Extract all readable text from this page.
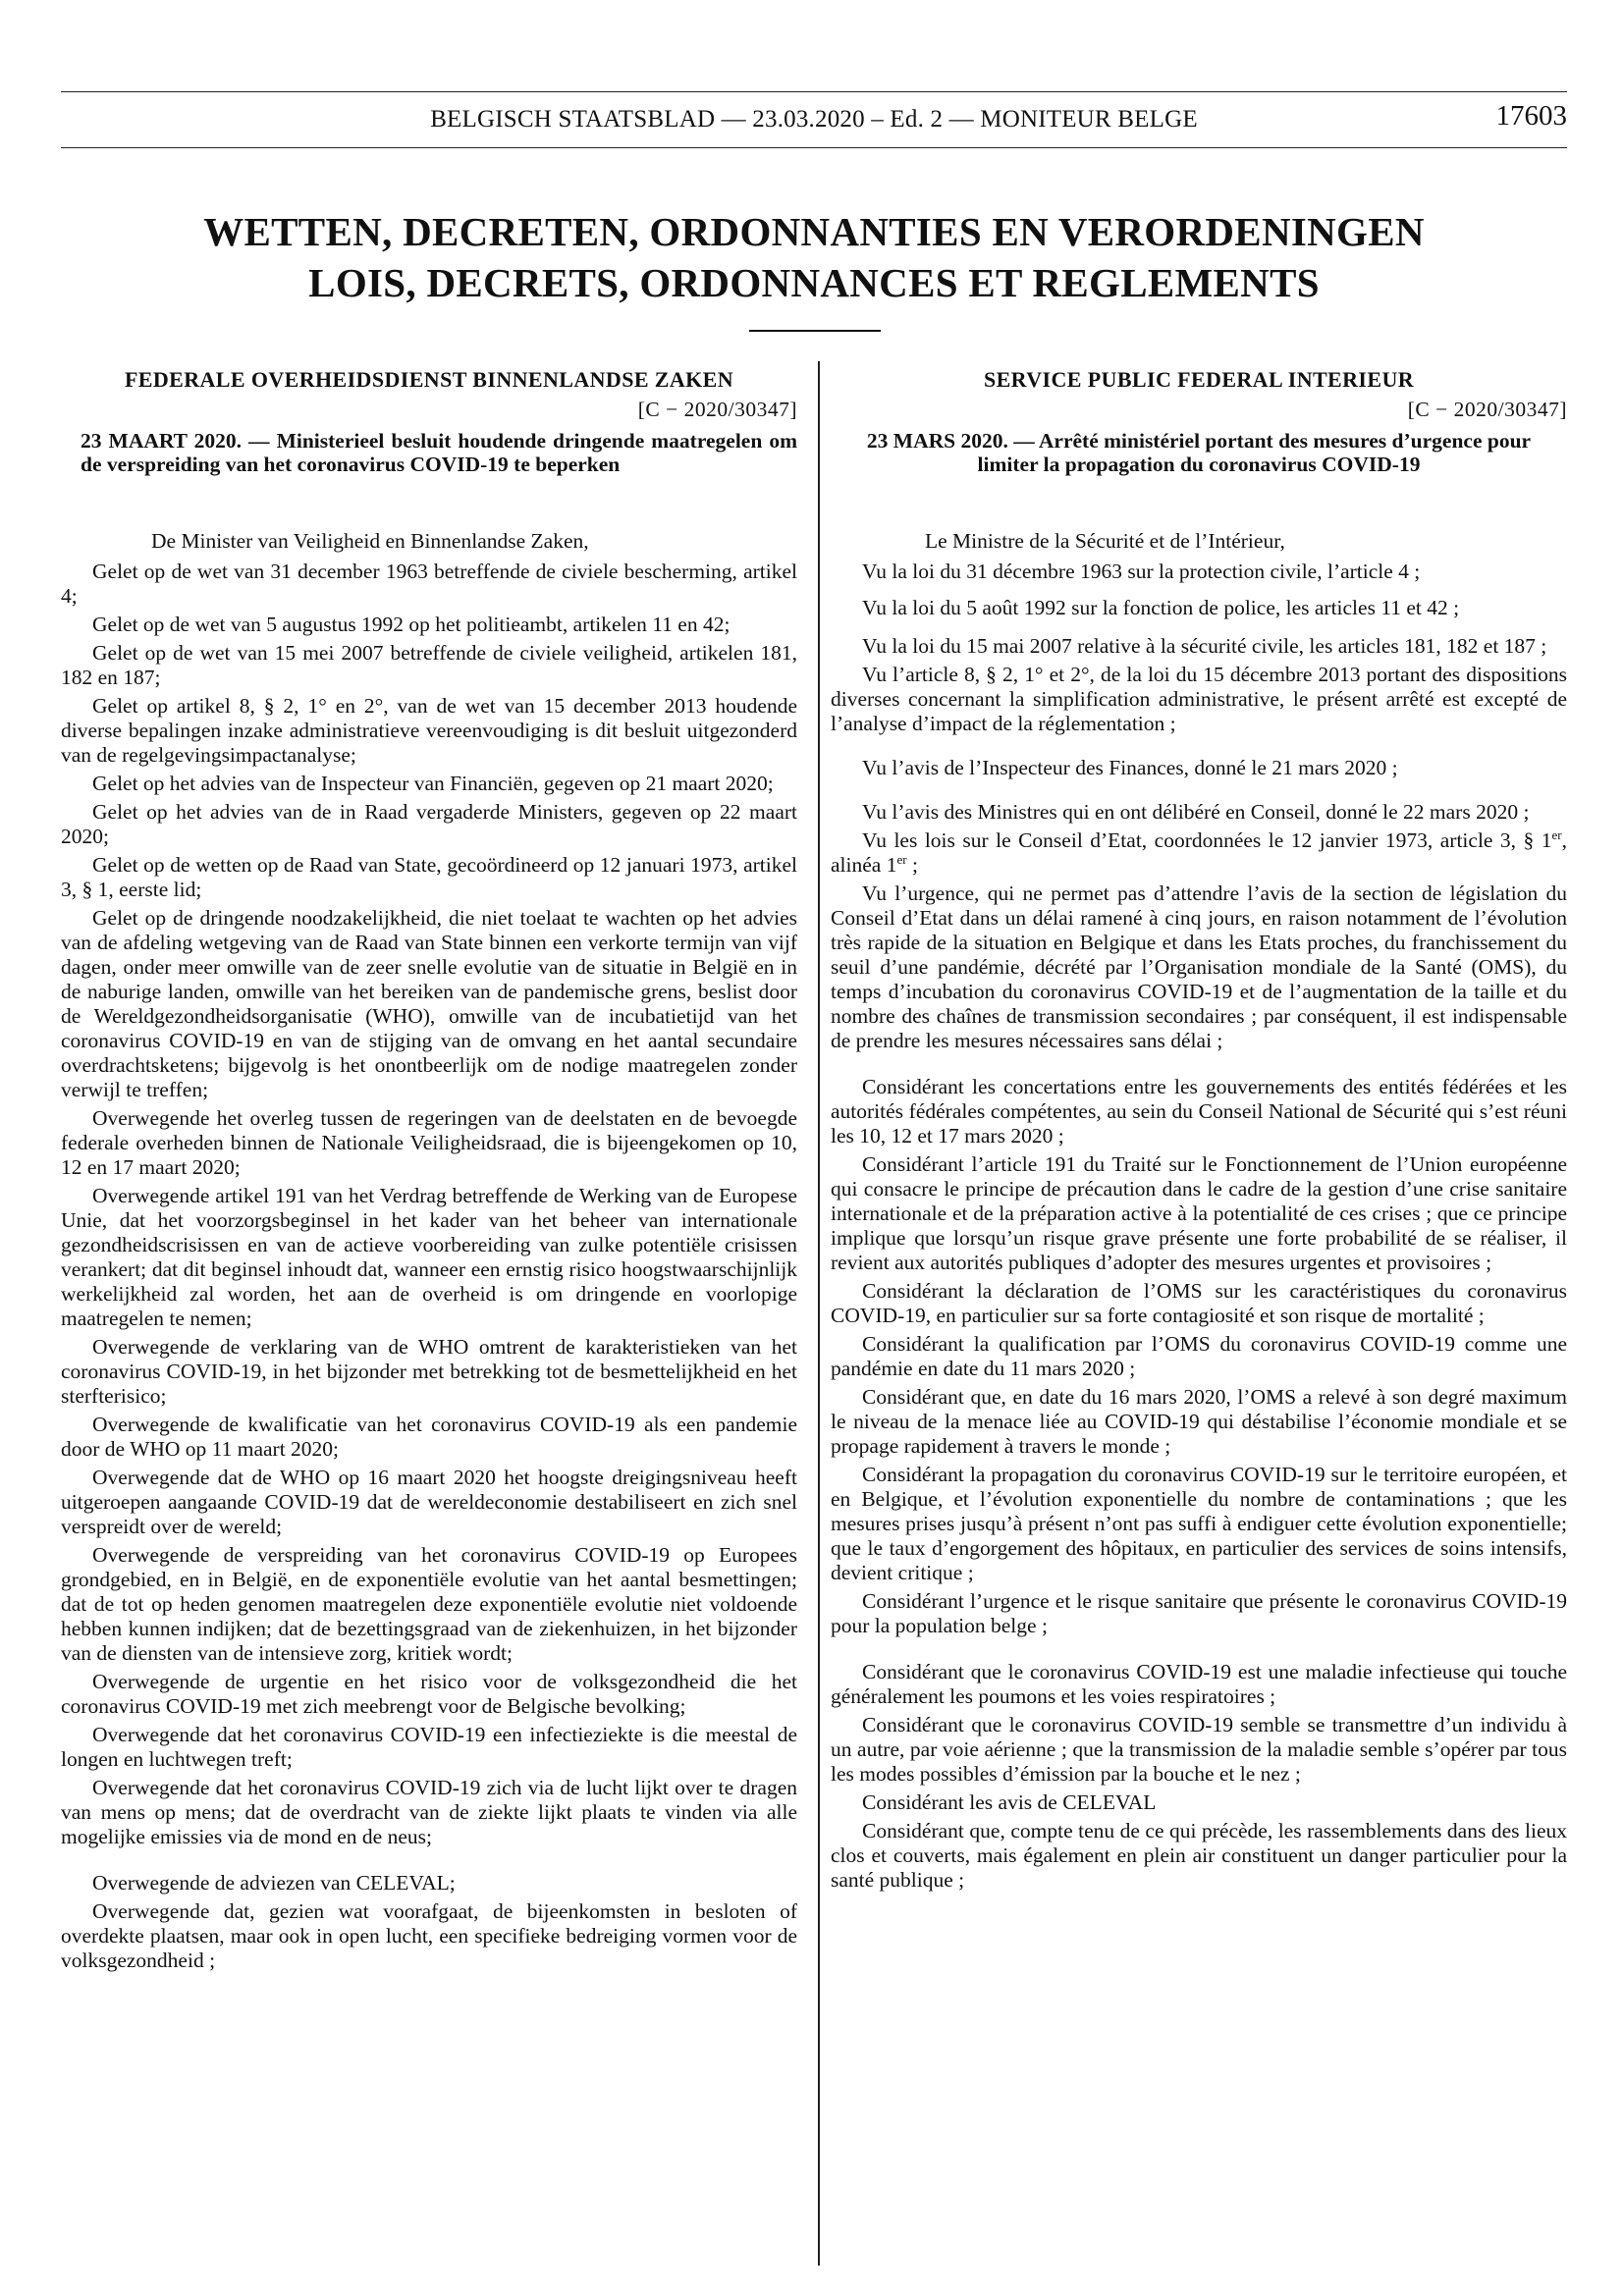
BELGISCH STAATSBLAD — 23.03.2020 – Ed. 2 — MONITEUR BELGE	17603
WETTEN, DECRETEN, ORDONNANTIES EN VERORDENINGEN
LOIS, DECRETS, ORDONNANCES ET REGLEMENTS
FEDERALE OVERHEIDSDIENST BINNENLANDSE ZAKEN
[C − 2020/30347]
23 MAART 2020. — Ministerieel besluit houdende dringende maatregelen om de verspreiding van het coronavirus COVID-19 te beperken
De Minister van Veiligheid en Binnenlandse Zaken,
Gelet op de wet van 31 december 1963 betreffende de civiele bescherming, artikel 4;
Gelet op de wet van 5 augustus 1992 op het politieambt, artikelen 11 en 42;
Gelet op de wet van 15 mei 2007 betreffende de civiele veiligheid, artikelen 181, 182 en 187;
Gelet op artikel 8, § 2, 1° en 2°, van de wet van 15 december 2013 houdende diverse bepalingen inzake administratieve vereenvoudiging is dit besluit uitgezonderd van de regelgevingsimpactanalyse;
Gelet op het advies van de Inspecteur van Financiën, gegeven op 21 maart 2020;
Gelet op het advies van de in Raad vergaderde Ministers, gegeven op 22 maart 2020;
Gelet op de wetten op de Raad van State, gecoördineerd op 12 januari 1973, artikel 3, § 1, eerste lid;
Gelet op de dringende noodzakelijkheid, die niet toelaat te wachten op het advies van de afdeling wetgeving van de Raad van State binnen een verkorte termijn van vijf dagen, onder meer omwille van de zeer snelle evolutie van de situatie in België en in de naburige landen, omwille van het bereiken van de pandemische grens, beslist door de Wereldgezondheidsorganisatie (WHO), omwille van de incubatietijd van het coronavirus COVID-19 en van de stijging van de omvang en het aantal secundaire overdrachtsketens; bijgevolg is het onontbeerlijk om de nodige maatregelen zonder verwijl te treffen;
Overwegende het overleg tussen de regeringen van de deelstaten en de bevoegde federale overheden binnen de Nationale Veiligheidsraad, die is bijeengekomen op 10, 12 en 17 maart 2020;
Overwegende artikel 191 van het Verdrag betreffende de Werking van de Europese Unie, dat het voorzorgsbeginsel in het kader van het beheer van internationale gezondheidscrisissen en van de actieve voorbereiding van zulke potentiële crisissen verankert; dat dit beginsel inhoudt dat, wanneer een ernstig risico hoogstwaarschijnlijk werkelijkheid zal worden, het aan de overheid is om dringende en voorlopige maatregelen te nemen;
Overwegende de verklaring van de WHO omtrent de karakteristieken van het coronavirus COVID-19, in het bijzonder met betrekking tot de besmettelijkheid en het sterfterisico;
Overwegende de kwalificatie van het coronavirus COVID-19 als een pandemie door de WHO op 11 maart 2020;
Overwegende dat de WHO op 16 maart 2020 het hoogste dreigingsniveau heeft uitgeroepen aangaande COVID-19 dat de wereldeconomie destabiliseert en zich snel verspreidt over de wereld;
Overwegende de verspreiding van het coronavirus COVID-19 op Europees grondgebied, en in België, en de exponentiële evolutie van het aantal besmettingen; dat de tot op heden genomen maatregelen deze exponentiële evolutie niet voldoende hebben kunnen indijken; dat de bezettingsgraad van de ziekenhuizen, in het bijzonder van de diensten van de intensieve zorg, kritiek wordt;
Overwegende de urgentie en het risico voor de volksgezondheid die het coronavirus COVID-19 met zich meebrengt voor de Belgische bevolking;
Overwegende dat het coronavirus COVID-19 een infectieziekte is die meestal de longen en luchtwegen treft;
Overwegende dat het coronavirus COVID-19 zich via de lucht lijkt over te dragen van mens op mens; dat de overdracht van de ziekte lijkt plaats te vinden via alle mogelijke emissies via de mond en de neus;
Overwegende de adviezen van CELEVAL;
Overwegende dat, gezien wat voorafgaat, de bijeenkomsten in besloten of overdekte plaatsen, maar ook in open lucht, een specifieke bedreiging vormen voor de volksgezondheid ;
SERVICE PUBLIC FEDERAL INTERIEUR
[C − 2020/30347]
23 MARS 2020. — Arrêté ministériel portant des mesures d’urgence pour limiter la propagation du coronavirus COVID-19
Le Ministre de la Sécurité et de l’Intérieur,
Vu la loi du 31 décembre 1963 sur la protection civile, l’article 4 ;
Vu la loi du 5 août 1992 sur la fonction de police, les articles 11 et 42 ;
Vu la loi du 15 mai 2007 relative à la sécurité civile, les articles 181, 182 et 187 ;
Vu l’article 8, § 2, 1° et 2°, de la loi du 15 décembre 2013 portant des dispositions diverses concernant la simplification administrative, le présent arrêté est excepté de l’analyse d’impact de la réglementation ;
Vu l’avis de l’Inspecteur des Finances, donné le 21 mars 2020 ;
Vu l’avis des Ministres qui en ont délibéré en Conseil, donné le 22 mars 2020 ;
Vu les lois sur le Conseil d’Etat, coordonnées le 12 janvier 1973, article 3, § 1er, alinéa 1er ;
Vu l’urgence, qui ne permet pas d’attendre l’avis de la section de législation du Conseil d’Etat dans un délai ramené à cinq jours, en raison notamment de l’évolution très rapide de la situation en Belgique et dans les Etats proches, du franchissement du seuil d’une pandémie, décrété par l’Organisation mondiale de la Santé (OMS), du temps d’incubation du coronavirus COVID-19 et de l’augmentation de la taille et du nombre des chaînes de transmission secondaires ; par conséquent, il est indispensable de prendre les mesures nécessaires sans délai ;
Considérant les concertations entre les gouvernements des entités fédérées et les autorités fédérales compétentes, au sein du Conseil National de Sécurité qui s’est réuni les 10, 12 et 17 mars 2020 ;
Considérant l’article 191 du Traité sur le Fonctionnement de l’Union européenne qui consacre le principe de précaution dans le cadre de la gestion d’une crise sanitaire internationale et de la préparation active à la potentialité de ces crises ; que ce principe implique que lorsqu’un risque grave présente une forte probabilité de se réaliser, il revient aux autorités publiques d’adopter des mesures urgentes et provisoires ;
Considérant la déclaration de l’OMS sur les caractéristiques du coronavirus COVID-19, en particulier sur sa forte contagiosité et son risque de mortalité ;
Considérant la qualification par l’OMS du coronavirus COVID-19 comme une pandémie en date du 11 mars 2020 ;
Considérant que, en date du 16 mars 2020, l’OMS a relevé à son degré maximum le niveau de la menace liée au COVID-19 qui déstabilise l’économie mondiale et se propage rapidement à travers le monde ;
Considérant la propagation du coronavirus COVID-19 sur le territoire européen, et en Belgique, et l’évolution exponentielle du nombre de contaminations ; que les mesures prises jusqu’à présent n’ont pas suffi à endiguer cette évolution exponentielle; que le taux d’engorgement des hôpitaux, en particulier des services de soins intensifs, devient critique ;
Considérant l’urgence et le risque sanitaire que présente le coronavirus COVID-19 pour la population belge ;
Considérant que le coronavirus COVID-19 est une maladie infectieuse qui touche généralement les poumons et les voies respiratoires ;
Considérant que le coronavirus COVID-19 semble se transmettre d’un individu à un autre, par voie aérienne ; que la transmission de la maladie semble s’opérer par tous les modes possibles d’émission par la bouche et le nez ;
Considérant les avis de CELEVAL
Considérant que, compte tenu de ce qui précède, les rassemblements dans des lieux clos et couverts, mais également en plein air constituent un danger particulier pour la santé publique ;
